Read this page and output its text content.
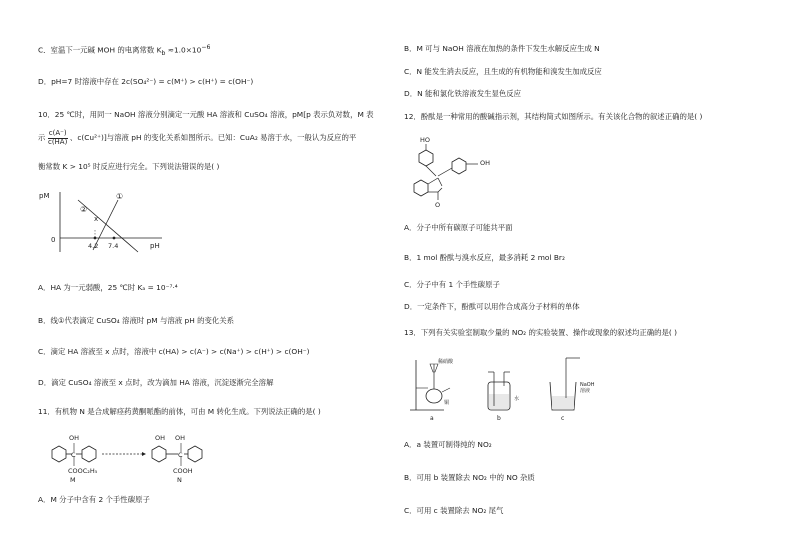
C．室温下一元碱 MOH 的电离常数 $K_b \approx 1.0\times 10^{-6}$
D．pH=7 时溶液中存在 2c(SO₄²⁻) = c(M⁺) > c(H⁺) = c(OH⁻)
10．25 ℃时，用同一 NaOH 溶液分别滴定一元酸 HA 溶液和 CuSO₄ 溶液，pM[p 表示负对数，M 表
示 $\frac{c(A^-)}{c(HA)}$ 、c(Cu²⁺)]与溶液 pH 的变化关系如图所示。已知：CuA₂ 易溶于水，一般认为反应的平
衡常数 K > 10⁵ 时反应进行完全。下列说法错误的是( )
pM
pH
0
x
①
②
4.2 7.4
A．HA 为一元弱酸，25 ℃时 Kₐ = 10⁻⁷·⁴
B．线①代表滴定 CuSO₄ 溶液时 pM 与溶液 pH 的变化关系
C．滴定 HA 溶液至 x 点时，溶液中 c(HA) > c(A⁻) > c(Na⁺) > c(H⁺) > c(OH⁻)
D．滴定 CuSO₄ 溶液至 x 点时，改为滴加 HA 溶液，沉淀逐渐完全溶解
11．有机物 N 是合成解痉药黄酮哌酯的前体，可由 M 转化生成。下列说法正确的是( )
OH
C
COOC₂H₅
M
OH
C
OH
COOH
N
A．M 分子中含有 2 个手性碳原子
B．M 可与 NaOH 溶液在加热的条件下发生水解反应生成 N
C．N 能发生消去反应，且生成的有机物能和溴发生加成反应
D．N 能和氯化铁溶液发生显色反应
12．酚酞是一种常用的酸碱指示剂，其结构简式如图所示。有关该化合物的叙述正确的是( )
HO
OH
O
A．分子中所有碳原子可能共平面
B．1 mol 酚酞与溴水反应，最多消耗 2 mol Br₂
C．分子中有 1 个手性碳原子
D．一定条件下，酚酞可以用作合成高分子材料的单体
13．下列有关实验室制取少量的 NO₂ 的实验装置、操作或现象的叙述均正确的是( )
稀硝酸
铜
a
水
b
NaOH
溶液
c
A．a 装置可制得纯的 NO₂
B．可用 b 装置除去 NO₂ 中的 NO 杂质
C．可用 c 装置除去 NO₂ 尾气
